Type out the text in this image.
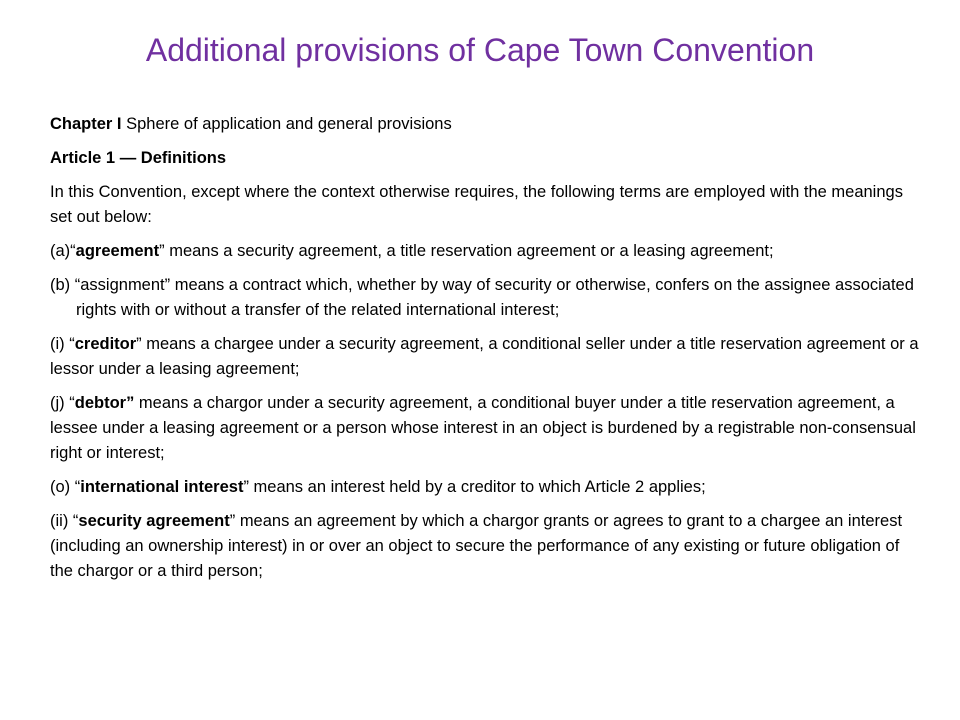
Additional provisions of Cape Town Convention

Chapter I Sphere of application and general provisions

Article 1 — Definitions

In this Convention, except where the context otherwise requires, the following terms are employed with the meanings set out below:

(a)“agreement” means a security agreement, a title reservation agreement or a leasing agreement;

(b) “assignment” means a contract which, whether by way of security or otherwise, confers on the assignee associated rights with or without a transfer of the related international interest;

(i) “creditor” means a chargee under a security agreement, a conditional seller under a title reservation agreement or a lessor under a leasing agreement;

(j) “debtor” means a chargor under a security agreement, a conditional buyer under a title reservation agreement, a lessee under a leasing agreement or a person whose interest in an object is burdened by a registrable non-consensual right or interest;

(o) “international interest” means an interest held by a creditor to which Article 2 applies;

(ii) “security agreement” means an agreement by which a chargor grants or agrees to grant to a chargee an interest (including an ownership interest) in or over an object to secure the performance of any existing or future obligation of the chargor or a third person;
